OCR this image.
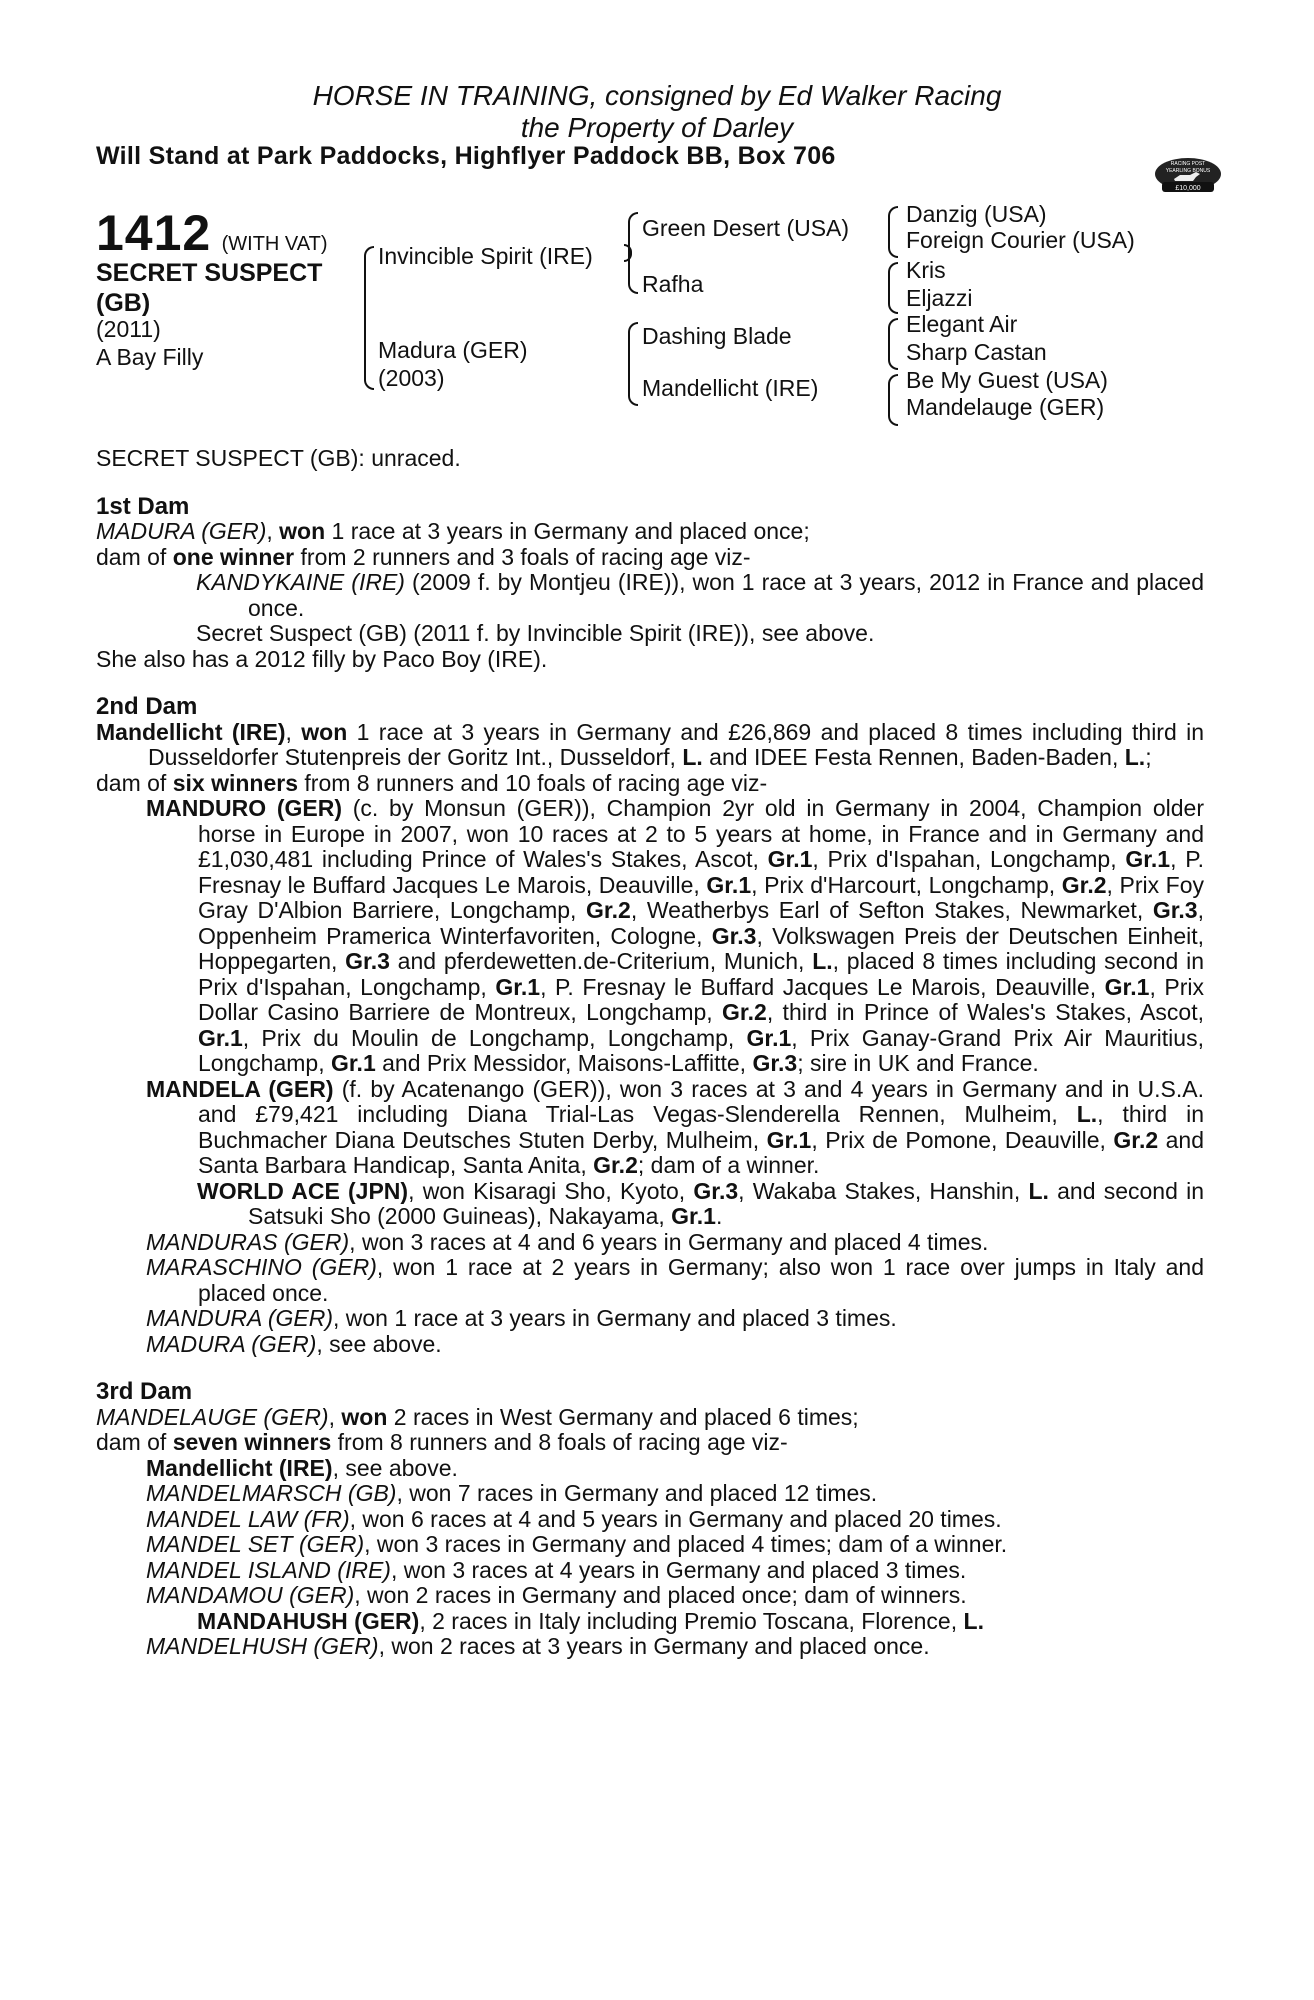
HORSE IN TRAINING, consigned by Ed Walker Racing
the Property of Darley
Will Stand at Park Paddocks, Highflyer Paddock BB, Box 706	RACING POST
YEARLING BONUS
£10,000
1412 (WITH VAT)
SECRET SUSPECT (GB)
(2011)
A Bay Filly
Invincible Spirit (IRE)
Madura (GER)
(2003)
Green Desert (USA)
Rafha
Dashing Blade
Mandellicht (IRE)
Danzig (USA)
Foreign Courier (USA)
Kris
Eljazzi
Elegant Air
Sharp Castan
Be My Guest (USA)
Mandelauge (GER)

SECRET SUSPECT (GB): unraced.

1st Dam

MADURA (GER), won 1 race at 3 years in Germany and placed once;

dam of one winner from 2 runners and 3 foals of racing age viz-

KANDYKAINE (IRE) (2009 f. by Montjeu (IRE)), won 1 race at 3 years, 2012 in France and placed once.

Secret Suspect (GB) (2011 f. by Invincible Spirit (IRE)), see above.

She also has a 2012 filly by Paco Boy (IRE).

2nd Dam

Mandellicht (IRE), won 1 race at 3 years in Germany and £26,869 and placed 8 times including third in Dusseldorfer Stutenpreis der Goritz Int., Dusseldorf, L. and IDEE Festa Rennen, Baden-Baden, L.;

dam of six winners from 8 runners and 10 foals of racing age viz-

MANDURO (GER) (c. by Monsun (GER)), Champion 2yr old in Germany in 2004, Champion older horse in Europe in 2007, won 10 races at 2 to 5 years at home, in France and in Germany and £1,030,481 including Prince of Wales's Stakes, Ascot, Gr.1, Prix d'Ispahan, Longchamp, Gr.1, P. Fresnay le Buffard Jacques Le Marois, Deauville, Gr.1, Prix d'Harcourt, Longchamp, Gr.2, Prix Foy Gray D'Albion Barriere, Longchamp, Gr.2, Weatherbys Earl of Sefton Stakes, Newmarket, Gr.3, Oppenheim Pramerica Winterfavoriten, Cologne, Gr.3, Volkswagen Preis der Deutschen Einheit, Hoppegarten, Gr.3 and pferdewetten.de-Criterium, Munich, L., placed 8 times including second in Prix d'Ispahan, Longchamp, Gr.1, P. Fresnay le Buffard Jacques Le Marois, Deauville, Gr.1, Prix Dollar Casino Barriere de Montreux, Longchamp, Gr.2, third in Prince of Wales's Stakes, Ascot, Gr.1, Prix du Moulin de Longchamp, Longchamp, Gr.1, Prix Ganay-Grand Prix Air Mauritius, Longchamp, Gr.1 and Prix Messidor, Maisons-Laffitte, Gr.3; sire in UK and France.

MANDELA (GER) (f. by Acatenango (GER)), won 3 races at 3 and 4 years in Germany and in U.S.A. and £79,421 including Diana Trial-Las Vegas-Slenderella Rennen, Mulheim, L., third in Buchmacher Diana Deutsches Stuten Derby, Mulheim, Gr.1, Prix de Pomone, Deauville, Gr.2 and Santa Barbara Handicap, Santa Anita, Gr.2; dam of a winner.

WORLD ACE (JPN), won Kisaragi Sho, Kyoto, Gr.3, Wakaba Stakes, Hanshin, L. and second in Satsuki Sho (2000 Guineas), Nakayama, Gr.1.

MANDURAS (GER), won 3 races at 4 and 6 years in Germany and placed 4 times.

MARASCHINO (GER), won 1 race at 2 years in Germany; also won 1 race over jumps in Italy and placed once.

MANDURA (GER), won 1 race at 3 years in Germany and placed 3 times.

MADURA (GER), see above.

3rd Dam

MANDELAUGE (GER), won 2 races in West Germany and placed 6 times;

dam of seven winners from 8 runners and 8 foals of racing age viz-

Mandellicht (IRE), see above.

MANDELMARSCH (GB), won 7 races in Germany and placed 12 times.

MANDEL LAW (FR), won 6 races at 4 and 5 years in Germany and placed 20 times.

MANDEL SET (GER), won 3 races in Germany and placed 4 times; dam of a winner.

MANDEL ISLAND (IRE), won 3 races at 4 years in Germany and placed 3 times.

MANDAMOU (GER), won 2 races in Germany and placed once; dam of winners.

MANDAHUSH (GER), 2 races in Italy including Premio Toscana, Florence, L.

MANDELHUSH (GER), won 2 races at 3 years in Germany and placed once.
